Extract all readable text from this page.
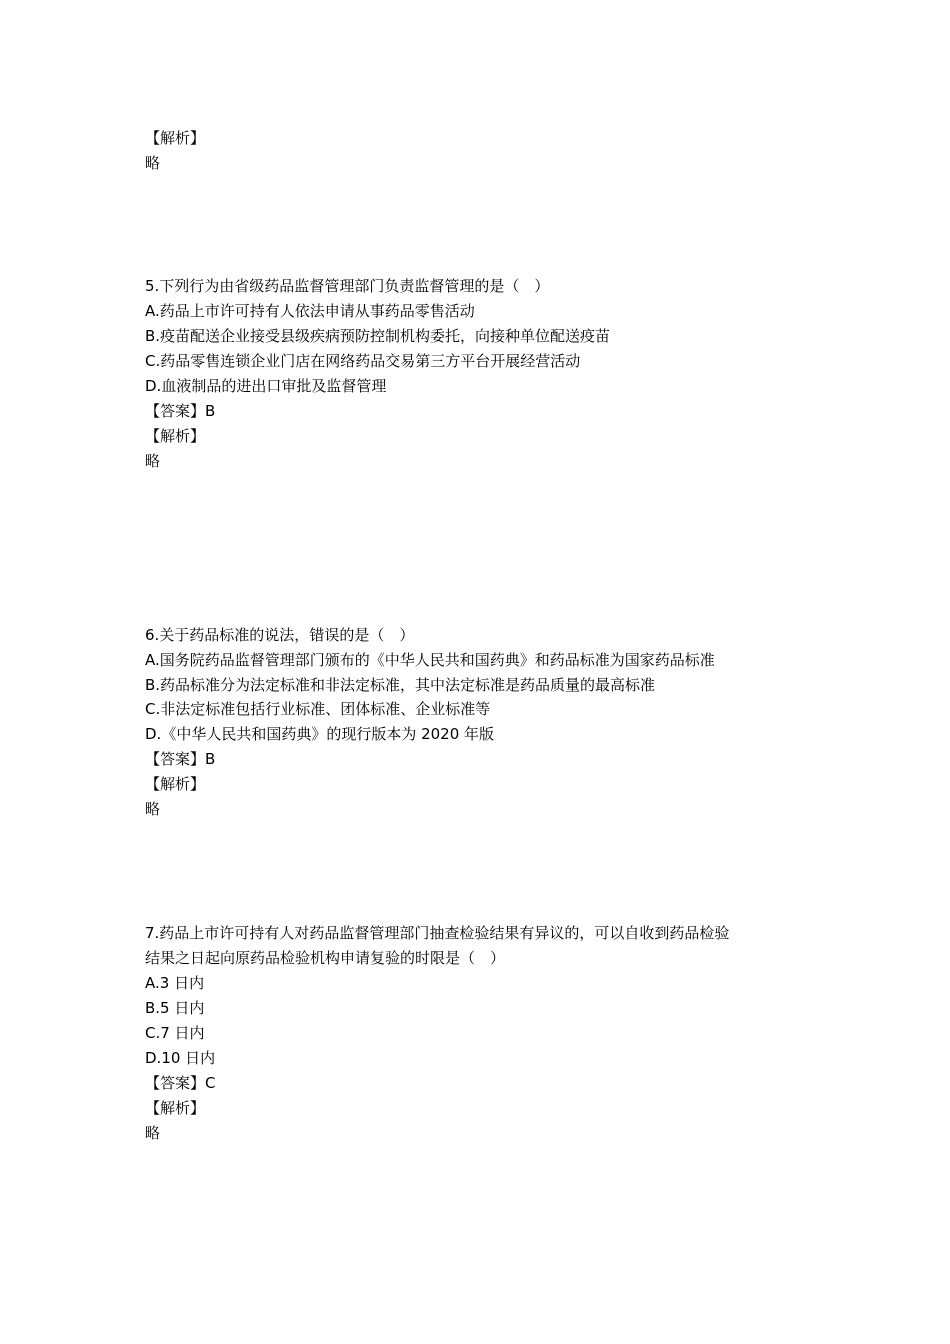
【解析】
略
5.下列行为由省级药品监督管理部门负责监督管理的是（　）
A.药品上市许可持有人依法申请从事药品零售活动
B.疫苗配送企业接受县级疾病预防控制机构委托，向接种单位配送疫苗
C.药品零售连锁企业门店在网络药品交易第三方平台开展经营活动
D.血液制品的进出口审批及监督管理
【答案】B
【解析】
略
6.关于药品标准的说法，错误的是（　）
A.国务院药品监督管理部门颁布的《中华人民共和国药典》和药品标准为国家药品标准
B.药品标准分为法定标准和非法定标准，其中法定标准是药品质量的最高标准
C.非法定标准包括行业标准、团体标准、企业标准等
D.《中华人民共和国药典》的现行版本为 2020 年版
【答案】B
【解析】
略
7.药品上市许可持有人对药品监督管理部门抽查检验结果有异议的，可以自收到药品检验
结果之日起向原药品检验机构申请复验的时限是（　）
A.3 日内
B.5 日内
C.7 日内
D.10 日内
【答案】C
【解析】
略
